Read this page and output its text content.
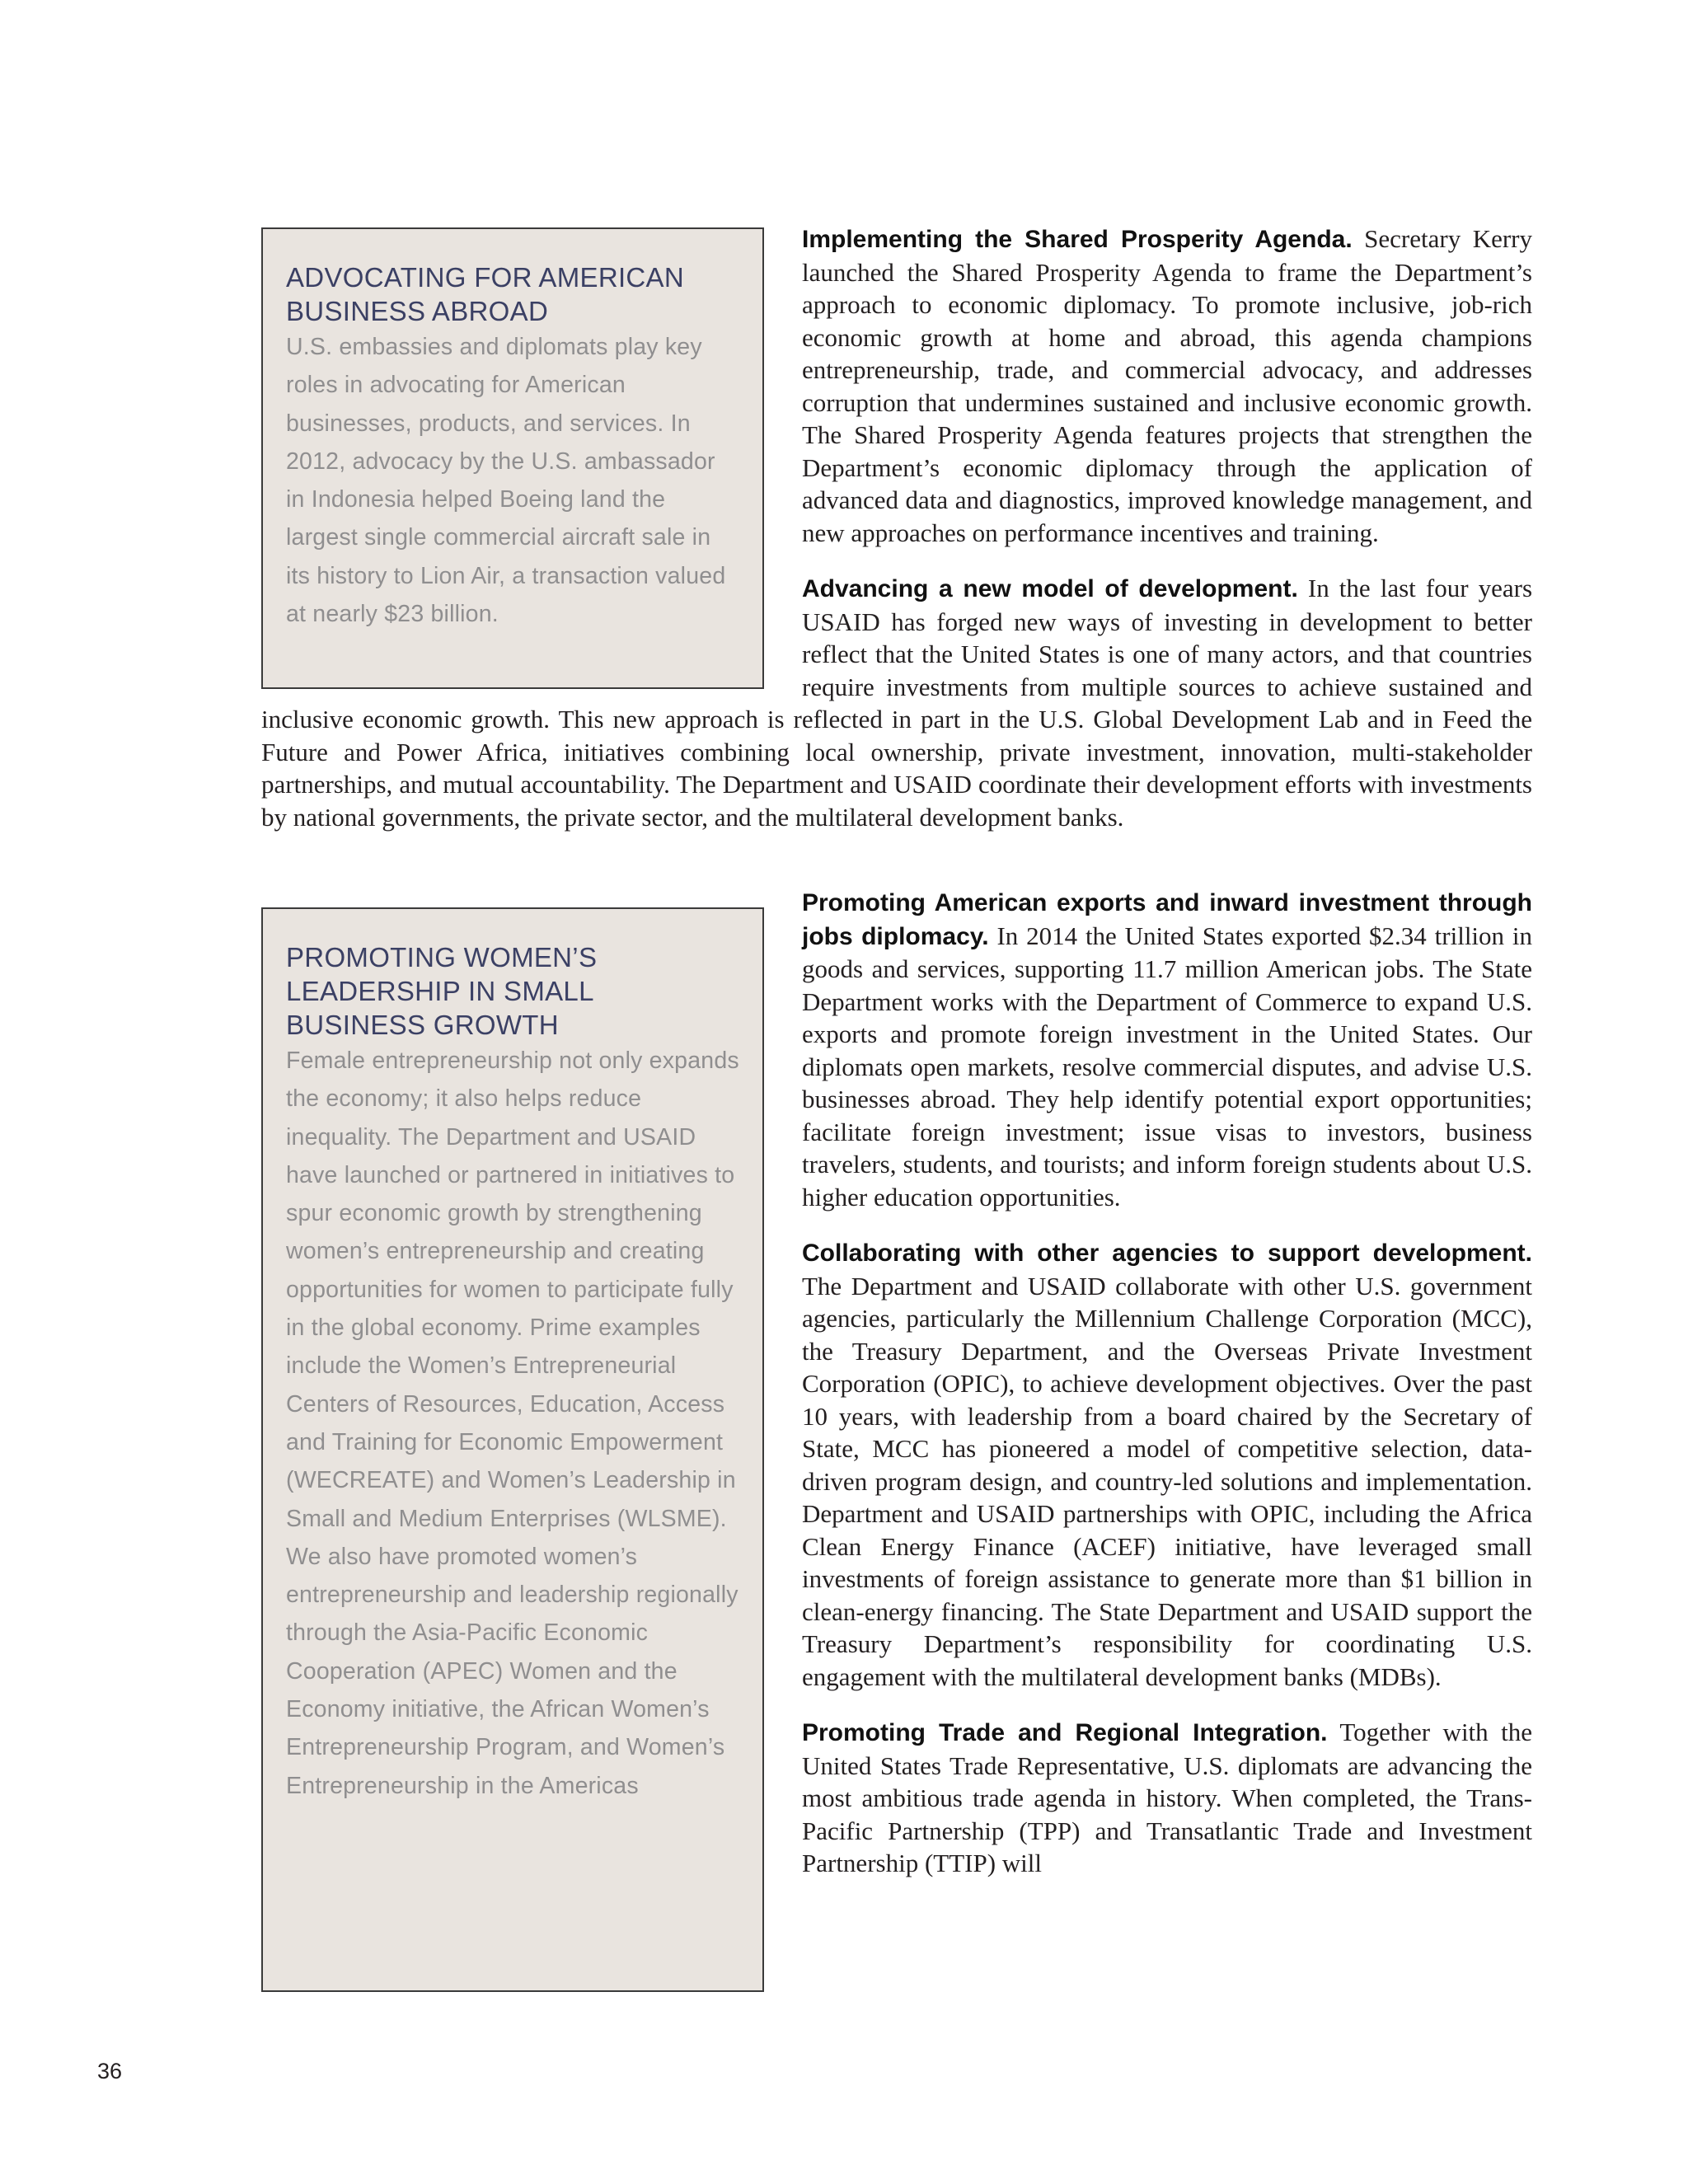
ADVOCATING FOR AMERICAN
BUSINESS ABROAD

U.S. embassies and diplomats play key roles in advocating for American businesses, products, and services. In 2012, advocacy by the U.S. ambassador in Indonesia helped Boeing land the largest single commercial aircraft sale in its history to Lion Air, a transaction valued at nearly $23 billion.

PROMOTING WOMEN’S
LEADERSHIP IN SMALL
BUSINESS GROWTH

Female entrepreneurship not only expands the economy; it also helps reduce inequality. The Department and USAID have launched or partnered in initiatives to spur economic growth by strengthening women’s entrepreneurship and creating opportunities for women to participate fully in the global economy. Prime examples include the Women’s Entrepreneurial Centers of Resources, Education, Access and Training for Economic Empowerment (WECREATE) and Women’s Leadership in Small and Medium Enterprises (WLSME). We also have promoted women’s entrepreneurship and leadership regionally through the Asia-Pacific Economic Cooperation (APEC) Women and the Economy initiative, the African Women’s Entrepreneurship Program, and Women’s Entrepreneurship in the Americas

Implementing the Shared Prosperity Agenda. Secretary Kerry launched the Shared Prosperity Agenda to frame the Department’s approach to economic diplomacy. To promote inclusive, job-rich economic growth at home and abroad, this agenda champions entrepreneurship, trade, and commercial advocacy, and addresses corruption that undermines sustained and inclusive economic growth. The Shared Prosperity Agenda features projects that strengthen the Department’s economic diplomacy through the application of advanced data and diagnostics, improved knowledge management, and new approaches on performance incentives and training.

Advancing a new model of development. In the last four years USAID has forged new ways of investing in development to better reflect that the United States is one of many actors, and that countries require investments from multiple sources to achieve sustained and inclusive economic growth. This new approach is reflected in part in the U.S. Global Development Lab and in Feed the Future and Power Africa, initiatives combining local ownership, private investment, innovation, multi-stakeholder partnerships, and mutual accountability. The Department and USAID coordinate their development efforts with investments by national governments, the private sector, and the multilateral development banks.

Promoting American exports and inward investment through jobs diplomacy. In 2014 the United States exported $2.34 trillion in goods and services, supporting 11.7 million American jobs. The State Department works with the Department of Commerce to expand U.S. exports and promote foreign investment in the United States. Our diplomats open markets, resolve commercial disputes, and advise U.S. businesses abroad. They help identify potential export opportunities; facilitate foreign investment; issue visas to investors, business travelers, students, and tourists; and inform foreign students about U.S. higher education opportunities.

Collaborating with other agencies to support development. The Department and USAID collaborate with other U.S. government agencies, particularly the Millennium Challenge Corporation (MCC), the Treasury Department, and the Overseas Private Investment Corporation (OPIC), to achieve development objectives. Over the past 10 years, with leadership from a board chaired by the Secretary of State, MCC has pioneered a model of competitive selection, data-driven program design, and country-led solutions and implementation. Department and USAID partnerships with OPIC, including the Africa Clean Energy Finance (ACEF) initiative, have leveraged small investments of foreign assistance to generate more than $1 billion in clean-energy financing. The State Department and USAID support the Treasury Department’s responsibility for coordinating U.S. engagement with the multilateral development banks (MDBs).

Promoting Trade and Regional Integration. Together with the United States Trade Representative, U.S. diplomats are advancing the most ambitious trade agenda in history. When completed, the Trans-Pacific Partnership (TPP) and Transatlantic Trade and Investment Partnership (TTIP) will

36
